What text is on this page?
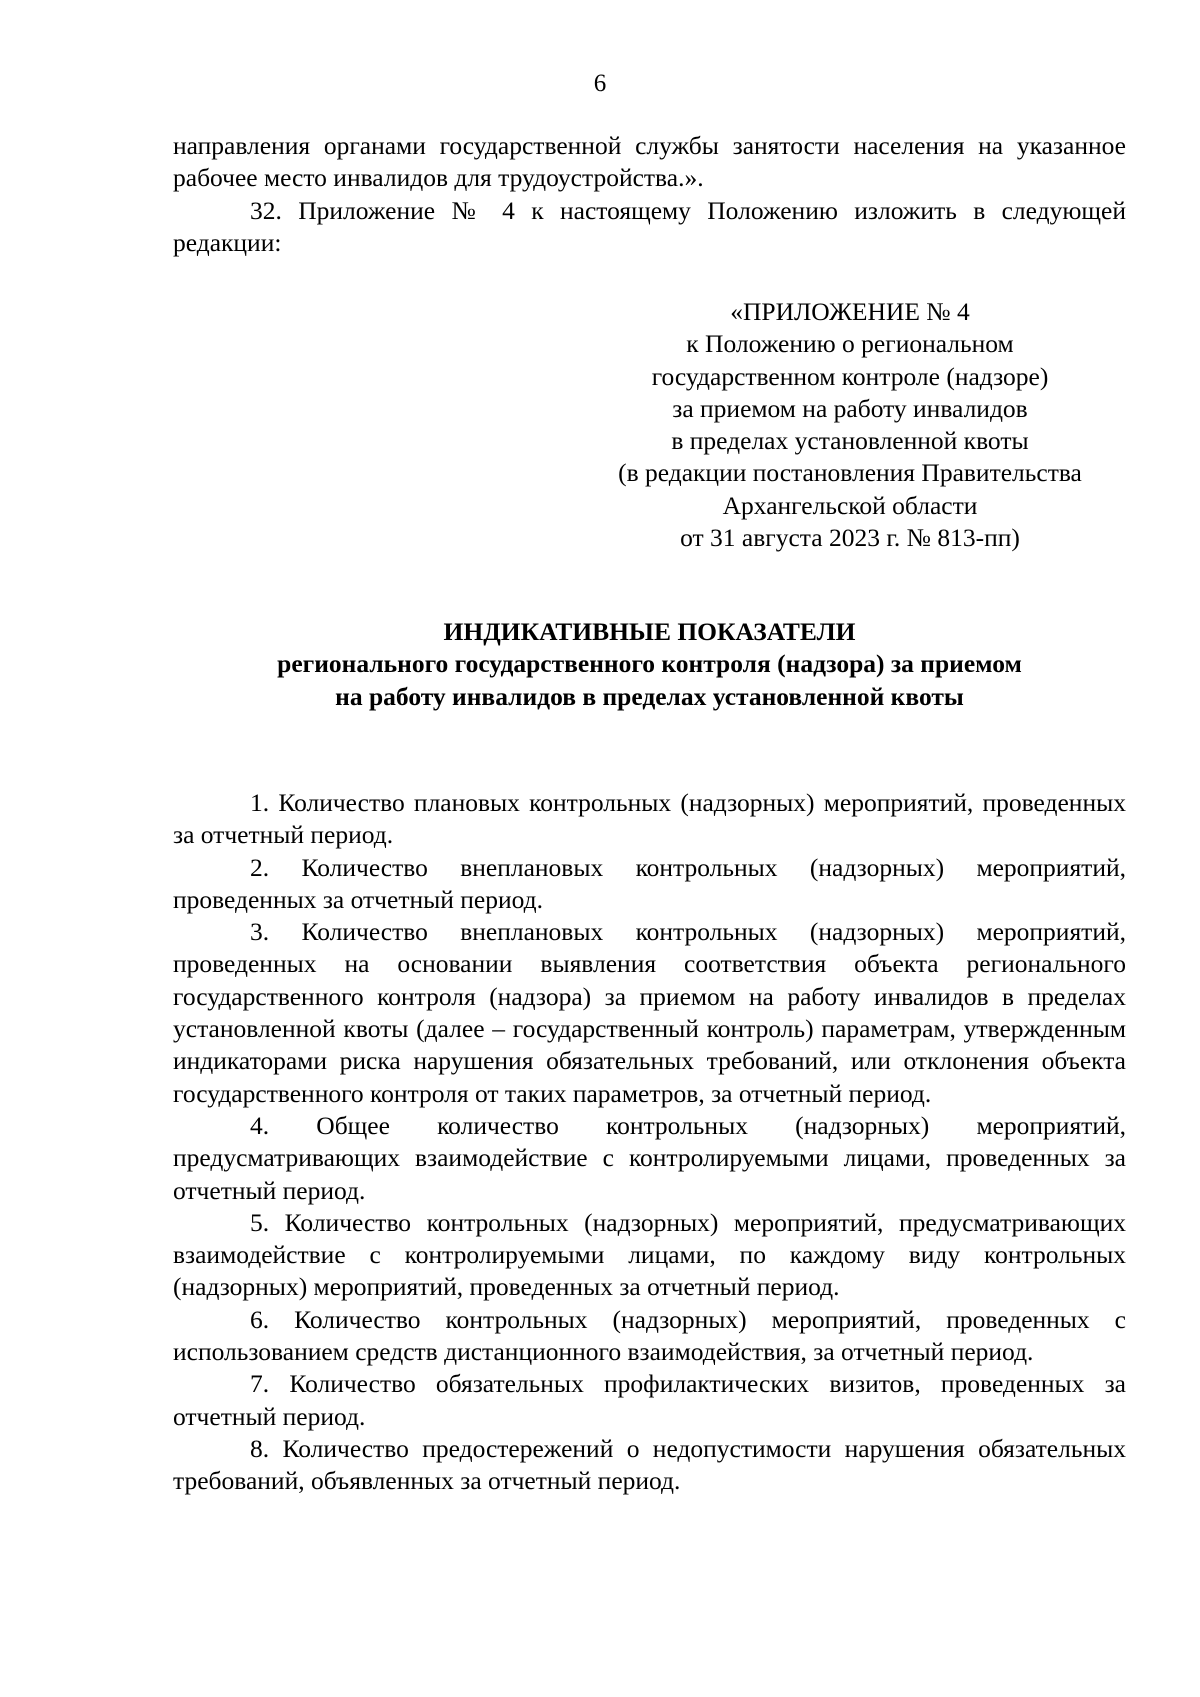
6

направления органами государственной службы занятости населения на указанное рабочее место инвалидов для трудоустройства.».

32. Приложение № 4 к настоящему Положению изложить в следующей редакции:

«ПРИЛОЖЕНИЕ № 4
к Положению о региональном
государственном контроле (надзоре)
за приемом на работу инвалидов
в пределах установленной квоты
(в редакции постановления Правительства
Архангельской области
от 31 августа 2023 г. № 813-пп)
ИНДИКАТИВНЫЕ ПОКАЗАТЕЛИ
регионального государственного контроля (надзора) за приемом
на работу инвалидов в пределах установленной квоты

1. Количество плановых контрольных (надзорных) мероприятий, проведенных за отчетный период.

2. Количество внеплановых контрольных (надзорных) мероприятий, проведенных за отчетный период.

3. Количество внеплановых контрольных (надзорных) мероприятий, проведенных на основании выявления соответствия объекта регионального государственного контроля (надзора) за приемом на работу инвалидов в пределах установленной квоты (далее – государственный контроль) параметрам, утвержденным индикаторами риска нарушения обязательных требований, или отклонения объекта государственного контроля от таких параметров, за отчетный период.

4. Общее количество контрольных (надзорных) мероприятий, предусматривающих взаимодействие с контролируемыми лицами, проведенных за отчетный период.

5. Количество контрольных (надзорных) мероприятий, предусматривающих взаимодействие с контролируемыми лицами, по каждому виду контрольных (надзорных) мероприятий, проведенных за отчетный период.

6. Количество контрольных (надзорных) мероприятий, проведенных с использованием средств дистанционного взаимодействия, за отчетный период.

7. Количество обязательных профилактических визитов, проведенных за отчетный период.

8. Количество предостережений о недопустимости нарушения обязательных требований, объявленных за отчетный период.
